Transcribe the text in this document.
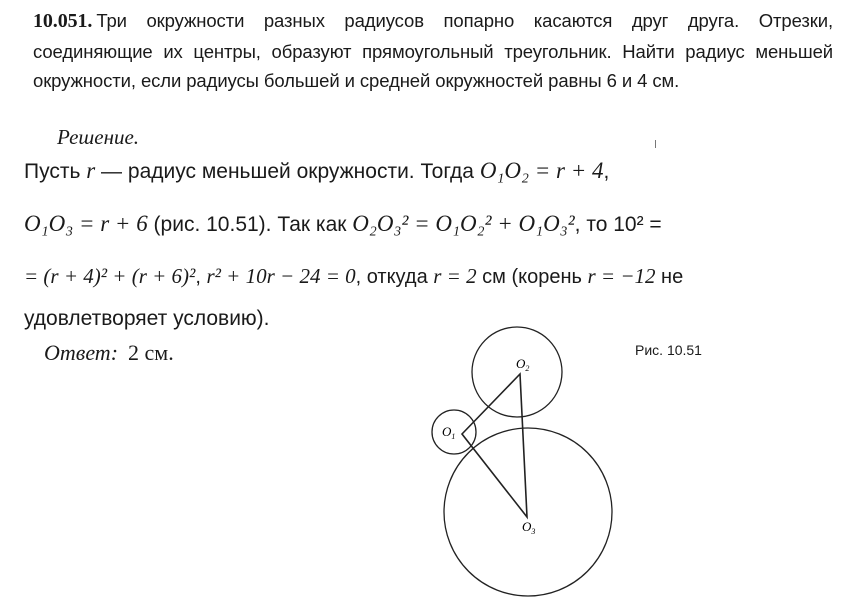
10.051. Три окружности разных радиусов попарно касаются друг друга. Отрезки, соединяющие их центры, образуют прямоугольный треугольник. Найти радиус меньшей окружности, если радиусы большей и средней окружностей равны 6 и 4 см.
Решение.
Пусть r — радиус меньшей окружности. Тогда O₁O₂ = r + 4,
O₁O₃ = r + 6 (рис. 10.51). Так как O₂O₃² = O₁O₂² + O₁O₃², то 10² =
= (r + 4)² + (r + 6)², r² + 10r − 24 = 0, откуда r = 2 см (корень r = −12 не
удовлетворяет условию).
Ответ: 2 см.	Рис. 10.51
$O_1$
$O_2$
$O_3$
